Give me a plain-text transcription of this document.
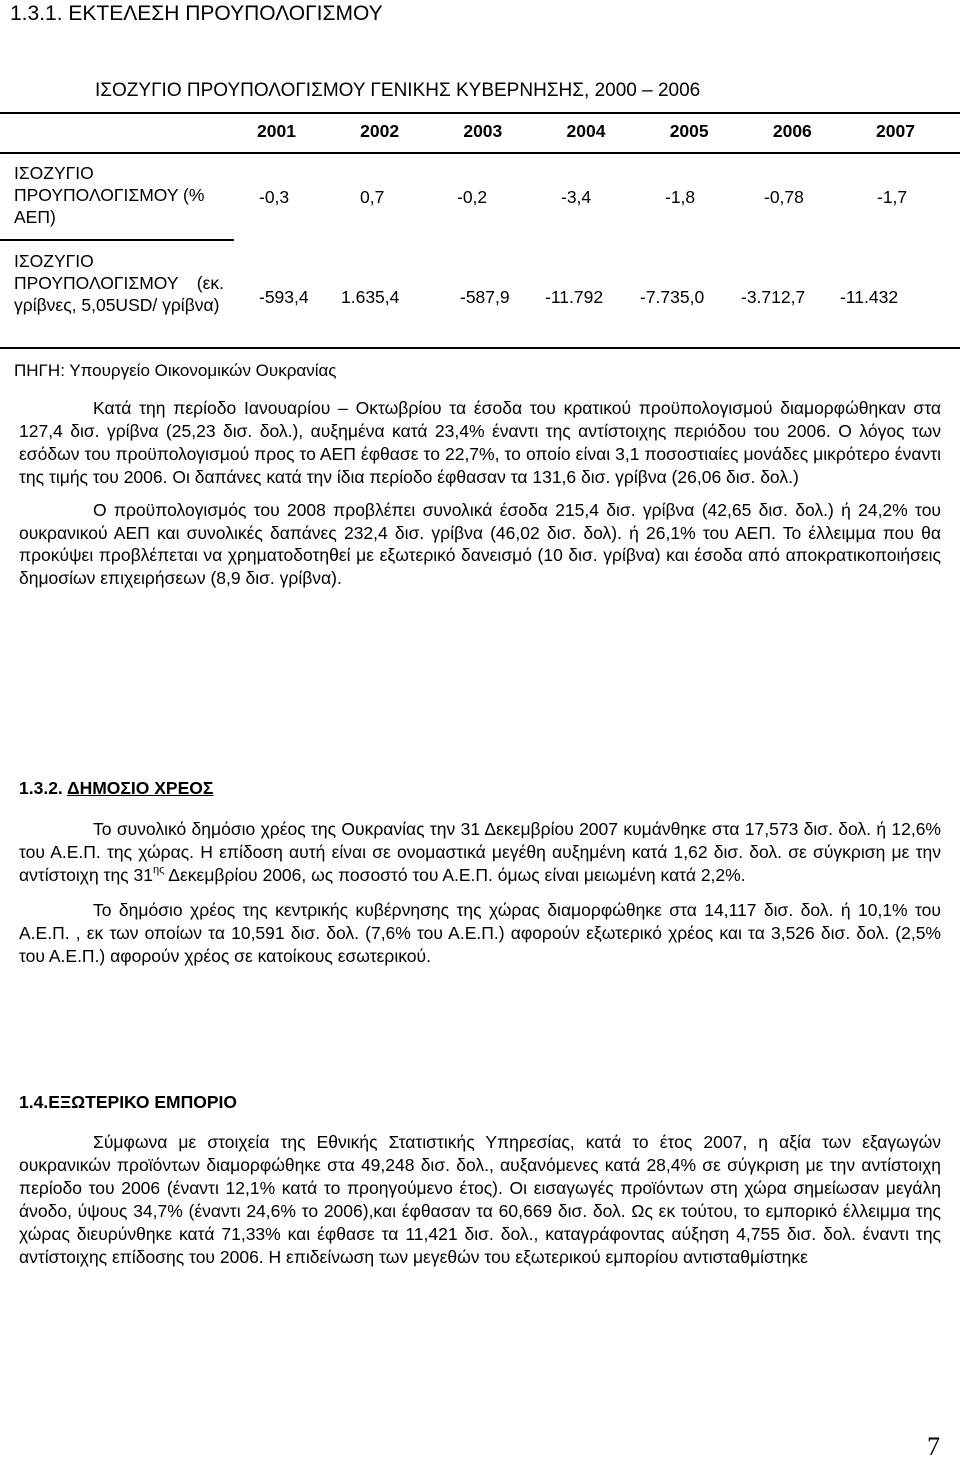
1.3.1. ΕΚΤΕΛΕΣΗ ΠΡΟΥΠΟΛΟΓΙΣΜΟΥ
ΙΣΟΖΥΓΙΟ ΠΡΟΥΠΟΛΟΓΙΣΜΟΥ ΓΕΝΙΚΗΣ ΚΥΒΕΡΝΗΣΗΣ, 2000 – 2006
2001	2002	2003	2004	2005	2006	2007
ΙΣΟΖΥΓΙΟ ΠΡΟΥΠΟΛΟΓΙΣΜΟΥ (% ΑΕΠ)
-0,3	0,7	-0,2	-3,4	-1,8	-0,78	-1,7
ΙΣΟΖΥΓΙΟ ΠΡΟΥΠΟΛΟΓΙΣΜΟΥ (εκ. γρίβνες, 5,05USD/ γρίβνα) -593,4	1.635,4	-587,9	-11.792	-7.735,0	-3.712,7	-11.432
ΠΗΓΗ: Υπουργείο Οικονομικών Ουκρανίας

Κατά τηη περίοδο Ιανουαρίου – Οκτωβρίου τα έσοδα του κρατικού προϋπολογισμού διαμορφώθηκαν στα 127,4 δισ. γρίβνα (25,23 δισ. δολ.), αυξημένα κατά 23,4% έναντι της αντίστοιχης περιόδου του 2006. Ο λόγος των εσόδων του προϋπολογισμού προς το ΑΕΠ έφθασε το 22,7%, το οποίο είναι 3,1 ποσοστιαίες μονάδες μικρότερο έναντι της τιμής του 2006. Οι δαπάνες κατά την ίδια περίοδο έφθασαν τα 131,6 δισ. γρίβνα (26,06 δισ. δολ.)

Ο προϋπολογισμός του 2008 προβλέπει συνολικά έσοδα 215,4 δισ. γρίβνα (42,65 δισ. δολ.) ή 24,2% του ουκρανικού ΑΕΠ και συνολικές δαπάνες 232,4 δισ. γρίβνα (46,02 δισ. δολ). ή 26,1% του ΑΕΠ. Το έλλειμμα που θα προκύψει προβλέπεται να χρηματοδοτηθεί με εξωτερικό δανεισμό (10 δισ. γρίβνα) και έσοδα από αποκρατικοποιήσεις δημοσίων επιχειρήσεων (8,9 δισ. γρίβνα).

1.3.2. ΔΗΜΟΣΙΟ ΧΡΕΟΣ

Το συνολικό δημόσιο χρέος της Ουκρανίας την 31 Δεκεμβρίου 2007 κυμάνθηκε στα 17,573 δισ. δολ. ή 12,6% του Α.Ε.Π. της χώρας. Η επίδοση αυτή είναι σε ονομαστικά μεγέθη αυξημένη κατά 1,62 δισ. δολ. σε σύγκριση με την αντίστοιχη της $31^{\eta\varsigma}$ Δεκεμβρίου 2006, ως ποσοστό του Α.Ε.Π. όμως είναι μειωμένη κατά 2,2%.

Το δημόσιο χρέος της κεντρικής κυβέρνησης της χώρας διαμορφώθηκε στα 14,117 δισ. δολ. ή 10,1% του Α.Ε.Π. , εκ των οποίων τα 10,591 δισ. δολ. (7,6% του Α.Ε.Π.) αφορούν εξωτερικό χρέος και τα 3,526 δισ. δολ. (2,5% του Α.Ε.Π.) αφορούν χρέος σε κατοίκους εσωτερικού.

1.4.ΕΞΩΤΕΡΙΚΟ ΕΜΠΟΡΙΟ

Σύμφωνα με στοιχεία της Εθνικής Στατιστικής Υπηρεσίας, κατά το έτος 2007, η αξία των εξαγωγών ουκρανικών προϊόντων διαμορφώθηκε στα 49,248 δισ. δολ., αυξανόμενες κατά 28,4% σε σύγκριση με την αντίστοιχη περίοδο του 2006 (έναντι 12,1% κατά το προηγούμενο έτος). Οι εισαγωγές προϊόντων στη χώρα σημείωσαν μεγάλη άνοδο, ύψους 34,7% (έναντι 24,6% το 2006),και έφθασαν τα 60,669 δισ. δολ. Ως εκ τούτου, το εμπορικό έλλειμμα της χώρας διευρύνθηκε κατά 71,33% και έφθασε τα 11,421 δισ. δολ., καταγράφοντας αύξηση 4,755 δισ. δολ. έναντι της αντίστοιχης επίδοσης του 2006. Η επιδείνωση των μεγεθών του εξωτερικού εμπορίου αντισταθμίστηκε

7
